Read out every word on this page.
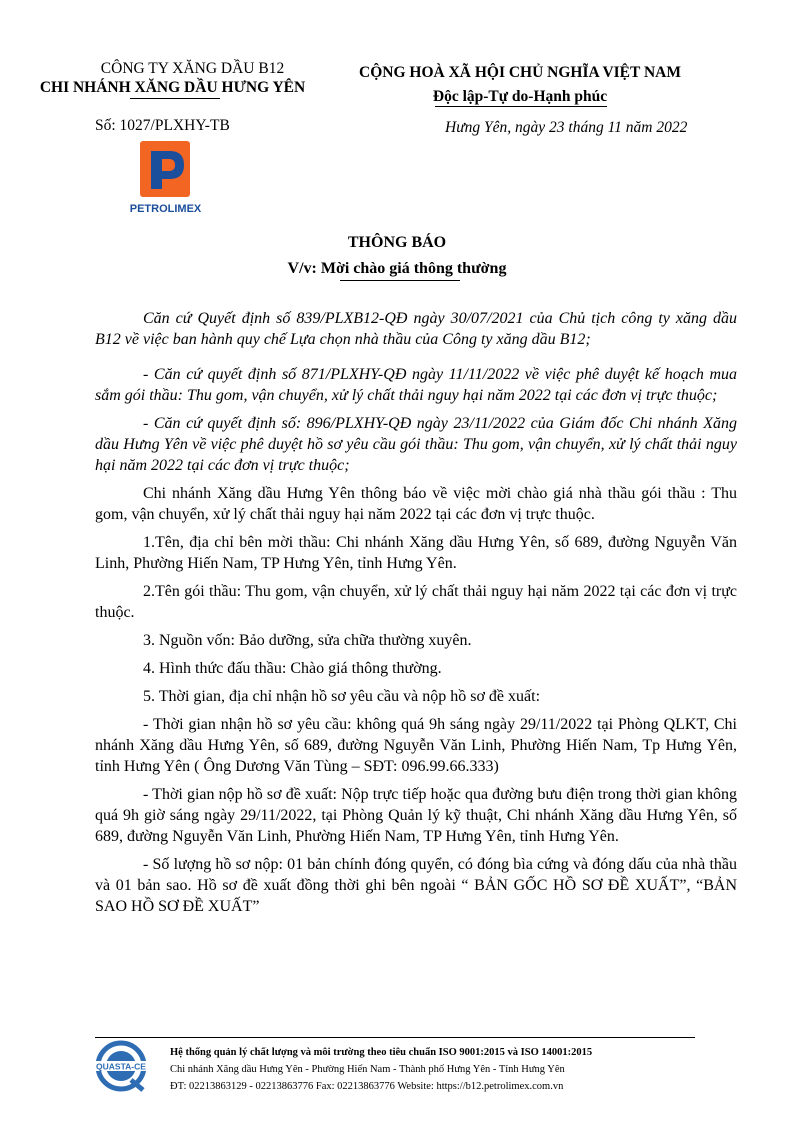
CÔNG TY XĂNG DẦU B12
CHI NHÁNH XĂNG DẦU HƯNG YÊN
Số: 1027/PLXHY-TB
CỘNG HOÀ XÃ HỘI CHỦ NGHĨA VIỆT NAM
Độc lập-Tự do-Hạnh phúc
Hưng Yên, ngày 23 tháng 11 năm 2022
PETROLIMEX
THÔNG BÁO
V/v: Mời chào giá thông thường

Căn cứ Quyết định số 839/PLXB12-QĐ ngày 30/07/2021 của Chủ tịch công ty xăng dầu B12 về việc ban hành quy chế Lựa chọn nhà thầu của Công ty xăng dầu B12;

- Căn cứ quyết định số 871/PLXHY-QĐ ngày 11/11/2022 về việc phê duyệt kế hoạch mua sắm gói thầu: Thu gom, vận chuyển, xử lý chất thải nguy hại năm 2022 tại các đơn vị trực thuộc;

- Căn cứ quyết định số: 896/PLXHY-QĐ ngày 23/11/2022 của Giám đốc Chi nhánh Xăng dầu Hưng Yên về việc phê duyệt hồ sơ yêu cầu gói thầu: Thu gom, vận chuyển, xử lý chất thải nguy hại năm 2022 tại các đơn vị trực thuộc;

Chi nhánh Xăng dầu Hưng Yên thông báo về việc mời chào giá nhà thầu gói thầu : Thu gom, vận chuyển, xử lý chất thải nguy hại năm 2022 tại các đơn vị trực thuộc.

1.Tên, địa chỉ bên mời thầu: Chi nhánh Xăng dầu Hưng Yên, số 689, đường Nguyễn Văn Linh, Phường Hiến Nam, TP Hưng Yên, tỉnh Hưng Yên.

2.Tên gói thầu: Thu gom, vận chuyển, xử lý chất thải nguy hại năm 2022 tại các đơn vị trực thuộc.

3. Nguồn vốn: Bảo dưỡng, sửa chữa thường xuyên.

4. Hình thức đấu thầu: Chào giá thông thường.

5. Thời gian, địa chỉ nhận hồ sơ yêu cầu và nộp hồ sơ đề xuất:

- Thời gian nhận hồ sơ yêu cầu: không quá 9h sáng ngày 29/11/2022 tại Phòng QLKT, Chi nhánh Xăng dầu Hưng Yên, số 689, đường Nguyễn Văn Linh, Phường Hiến Nam, Tp Hưng Yên, tỉnh Hưng Yên ( Ông Dương Văn Tùng – SĐT: 096.99.66.333)

- Thời gian nộp hồ sơ đề xuất: Nộp trực tiếp hoặc qua đường bưu điện trong thời gian không quá 9h giờ sáng ngày 29/11/2022, tại Phòng Quản lý kỹ thuật, Chi nhánh Xăng dầu Hưng Yên, số 689, đường Nguyễn Văn Linh, Phường Hiến Nam, TP Hưng Yên, tỉnh Hưng Yên.

- Số lượng hồ sơ nộp: 01 bản chính đóng quyển, có đóng bìa cứng và đóng dấu của nhà thầu và 01 bản sao. Hồ sơ đề xuất đồng thời ghi bên ngoài “ BẢN GỐC HỒ SƠ ĐỀ XUẤT”, “BẢN SAO HỒ SƠ ĐỀ XUẤT”

QUASTA-CE
Hệ thống quản lý chất lượng và môi trường theo tiêu chuẩn ISO 9001:2015 và ISO 14001:2015
Chi nhánh Xăng dầu Hưng Yên - Phường Hiến Nam - Thành phố Hưng Yên - Tỉnh Hưng Yên
ĐT: 02213863129 - 02213863776 Fax: 02213863776 Website: https://b12.petrolimex.com.vn
